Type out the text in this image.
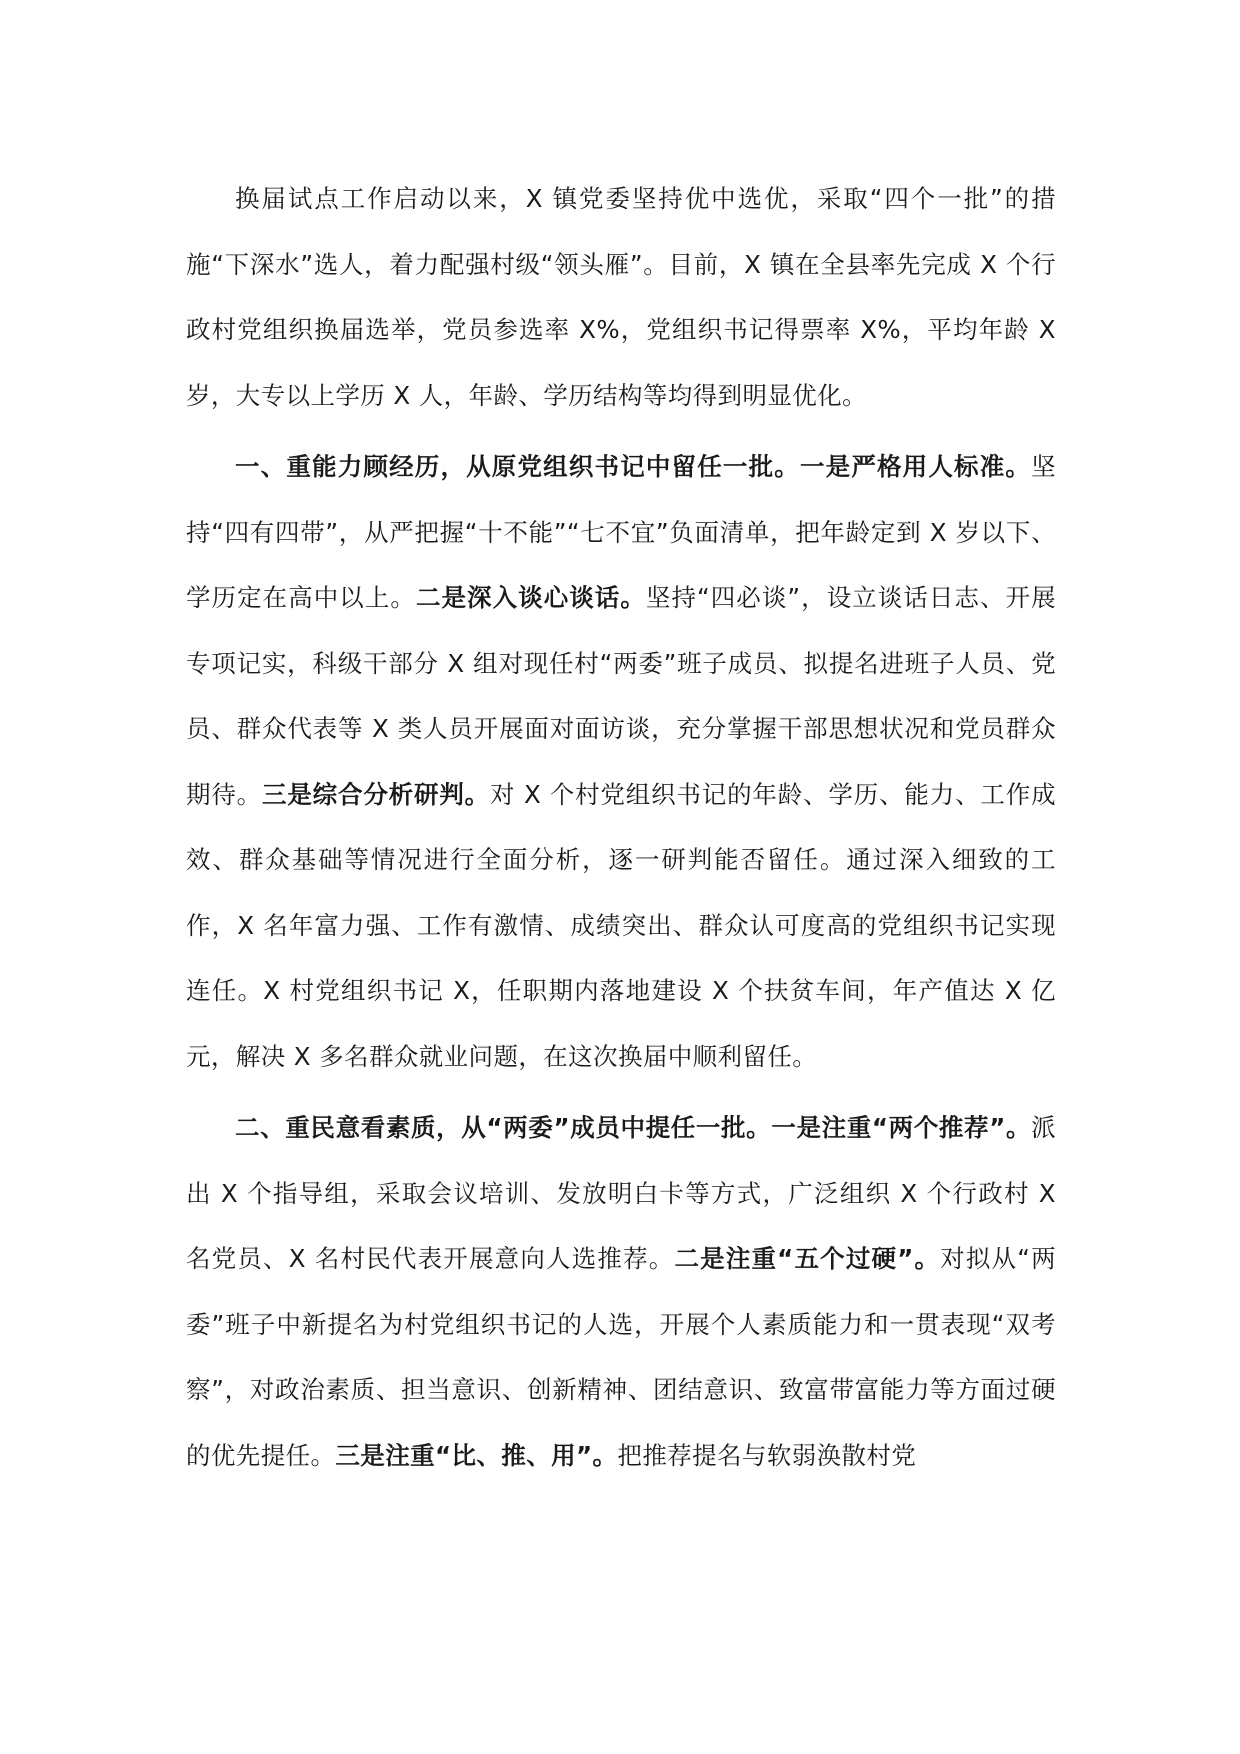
换届试点工作启动以来，X 镇党委坚持优中选优，采取“四个一批”的措施“下深水”选人，着力配强村级“领头雁”。目前，X 镇在全县率先完成 X 个行政村党组织换届选举，党员参选率 X%，党组织书记得票率 X%，平均年龄 X 岁，大专以上学历 X 人，年龄、学历结构等均得到明显优化。

一、重能力顾经历，从原党组织书记中留任一批。一是严格用人标准。坚持“四有四带”，从严把握“十不能”“七不宜”负面清单，把年龄定到 X 岁以下、学历定在高中以上。二是深入谈心谈话。坚持“四必谈”，设立谈话日志、开展专项记实，科级干部分 X 组对现任村“两委”班子成员、拟提名进班子人员、党员、群众代表等 X 类人员开展面对面访谈，充分掌握干部思想状况和党员群众期待。三是综合分析研判。对 X 个村党组织书记的年龄、学历、能力、工作成效、群众基础等情况进行全面分析，逐一研判能否留任。通过深入细致的工作，X 名年富力强、工作有激情、成绩突出、群众认可度高的党组织书记实现连任。X 村党组织书记 X，任职期内落地建设 X 个扶贫车间，年产值达 X 亿元，解决 X 多名群众就业问题，在这次换届中顺利留任。

二、重民意看素质，从“两委”成员中提任一批。一是注重“两个推荐”。派出 X 个指导组，采取会议培训、发放明白卡等方式，广泛组织 X 个行政村 X 名党员、X 名村民代表开展意向人选推荐。二是注重“五个过硬”。对拟从“两委”班子中新提名为村党组织书记的人选，开展个人素质能力和一贯表现“双考察”，对政治素质、担当意识、创新精神、团结意识、致富带富能力等方面过硬的优先提任。三是注重“比、推、用”。把推荐提名与软弱涣散村党
